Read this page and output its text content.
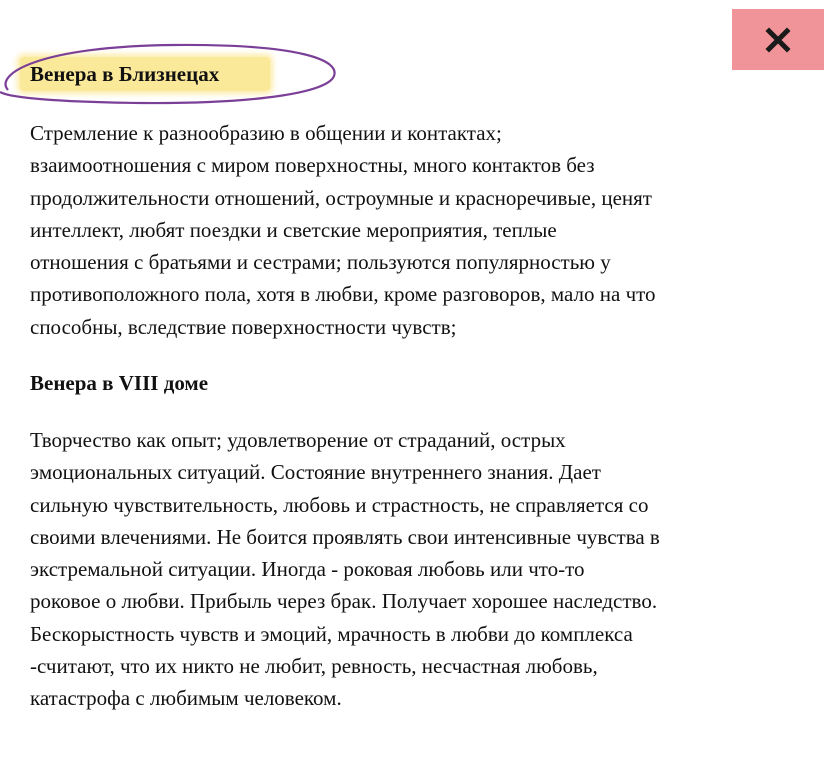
Венера в Близнецах
Стремление к разнообразию в общении и контактах;
взаимоотношения с миром поверхностны, много контактов без
продолжительности отношений, остроумные и красноречивые, ценят
интеллект, любят поездки и светские мероприятия, теплые
отношения с братьями и сестрами; пользуются популярностью у
противоположного пола, хотя в любви, кроме разговоров, мало на что
способны, вследствие поверхностности чувств;
Венера в VIII доме
Творчество как опыт; удовлетворение от страданий, острых
эмоциональных ситуаций. Состояние внутреннего знания. Дает
сильную чувствительность, любовь и страстность, не справляется со
своими влечениями. Не боится проявлять свои интенсивные чувства в
экстремальной ситуации. Иногда - роковая любовь или что-то
роковое о любви. Прибыль через брак. Получает хорошее наследство.
Бескорыстность чувств и эмоций, мрачность в любви до комплекса
-считают, что их никто не любит, ревность, несчастная любовь,
катастрофа с любимым человеком.
